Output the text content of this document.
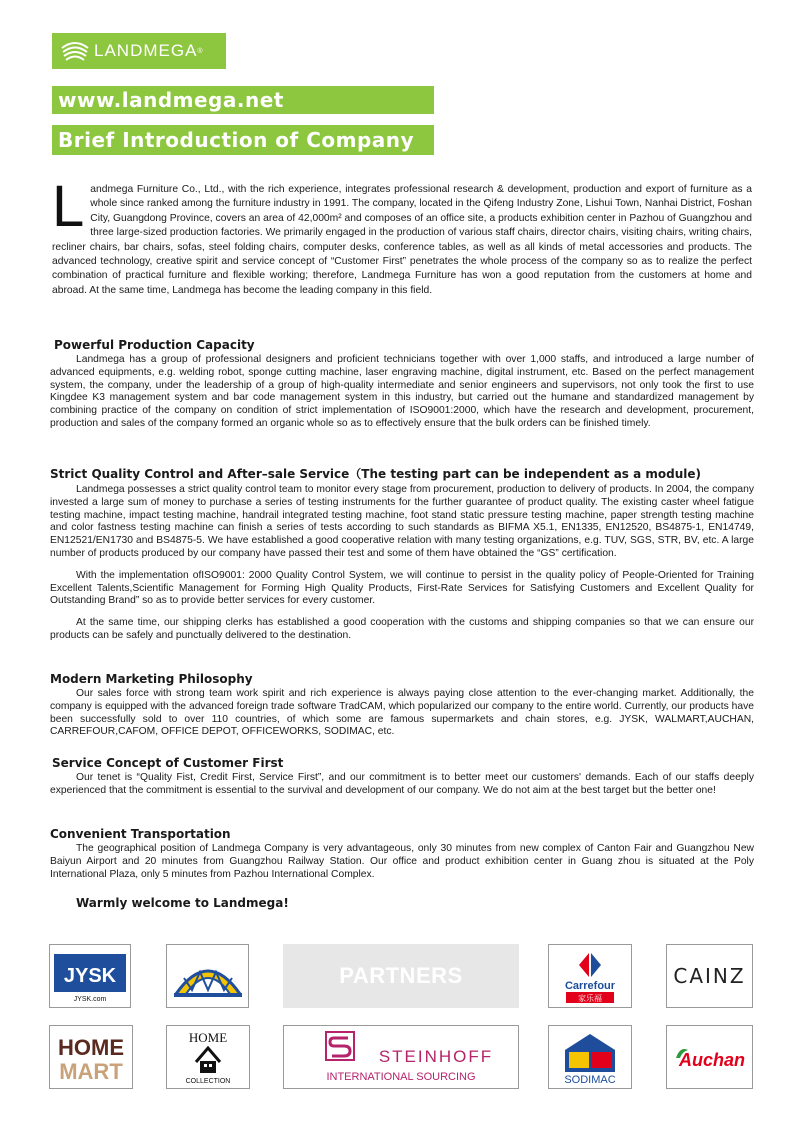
LANDMEGA ®
www.landmega.net
Brief Introduction of Company
L andmega Furniture Co., Ltd., with the rich experience, integrates professional research & development, production and export of furniture as a whole since ranked among the furniture industry in 1991. The company, located in the Qifeng Industry Zone, Lishui Town, Nanhai District, Foshan City, Guangdong Province, covers an area of 42,000m² and composes of an office site, a products exhibition center in Pazhou of Guangzhou and three large-sized production factories. We primarily engaged in the production of various staff chairs, director chairs, visiting chairs, writing chairs, recliner chairs, bar chairs, sofas, steel folding chairs, computer desks, conference tables, as well as all kinds of metal accessories and products. The advanced technology, creative spirit and service concept of “Customer First” penetrates the whole process of the company so as to realize the perfect combination of practical furniture and flexible working; therefore, Landmega Furniture has won a good reputation from the customers at home and abroad. At the same time, Landmega has become the leading company in this field.
Powerful Production Capacity

Landmega has a group of professional designers and proficient technicians together with over 1,000 staffs, and introduced a large number of advanced equipments, e.g. welding robot, sponge cutting machine, laser engraving machine, digital instrument, etc. Based on the perfect management system, the company, under the leadership of a group of high-quality intermediate and senior engineers and supervisors, not only took the first to use Kingdee K3 management system and bar code management system in this industry, but carried out the humane and standardized management by combining practice of the company on condition of strict implementation of ISO9001:2000, which have the research and development, procurement, production and sales of the company formed an organic whole so as to effectively ensure that the bulk orders can be finished timely.

Strict Quality Control and After–sale Service（The testing part can be independent as a module)

Landmega possesses a strict quality control team to monitor every stage from procurement, production to delivery of products. In 2004, the company invested a large sum of money to purchase a series of testing instruments for the further guarantee of product quality. The existing caster wheel fatigue testing machine, impact testing machine, handrail integrated testing machine, foot stand static pressure testing machine, paper strength testing machine and color fastness testing machine can finish a series of tests according to such standards as BIFMA X5.1, EN1335, EN12520, BS4875-1, EN14749, EN12521/EN1730 and BS4875-5. We have established a good cooperative relation with many testing organizations, e.g. TUV, SGS, STR, BV, etc. A large number of products produced by our company have passed their test and some of them have obtained the “GS” certification.

With the implementation ofISO9001: 2000 Quality Control System, we will continue to persist in the quality policy of People-Oriented for Training Excellent Talents,Scientific Management for Forming High Quality Products, First-Rate Services for Satisfying Customers and Excellent Quality for Outstanding Brand” so as to provide better services for every customer.

At the same time, our shipping clerks has established a good cooperation with the customs and shipping companies so that we can ensure our products can be safely and punctually delivered to the destination.

Modern Marketing Philosophy

Our sales force with strong team work spirit and rich experience is always paying close attention to the ever-changing market. Additionally, the company is equipped with the advanced foreign trade software TradCAM, which popularized our company to the entire world. Currently, our products have been successfully sold to over 110 countries, of which some are famous supermarkets and chain stores, e.g. JYSK, WALMART,AUCHAN, CARREFOUR,CAFOM, OFFICE DEPOT, OFFICEWORKS, SODIMAC, etc.

Service Concept of Customer First

Our tenet is “Quality Fist, Credit First, Service First”, and our commitment is to better meet our customers' demands. Each of our staffs deeply experienced that the commitment is essential to the survival and development of our company. We do not aim at the best target but the better one!

Convenient Transportation

The geographical position of Landmega Company is very advantageous, only 30 minutes from new complex of Canton Fair and Guangzhou New Baiyun Airport and 20 minutes from Guangzhou Railway Station. Our office and product exhibition center in Guang zhou is situated at the Poly International Plaza, only 5 minutes from Pazhou International Complex.

Warmly welcome to Landmega!
JYSK
JYSK.com
PARTNERS	Carrefour
家乐福
CAINZ
HOME
MART
HOME
COLLECTION
STEINHOFF
INTERNATIONAL SOURCING	SODIMAC
Auchan
